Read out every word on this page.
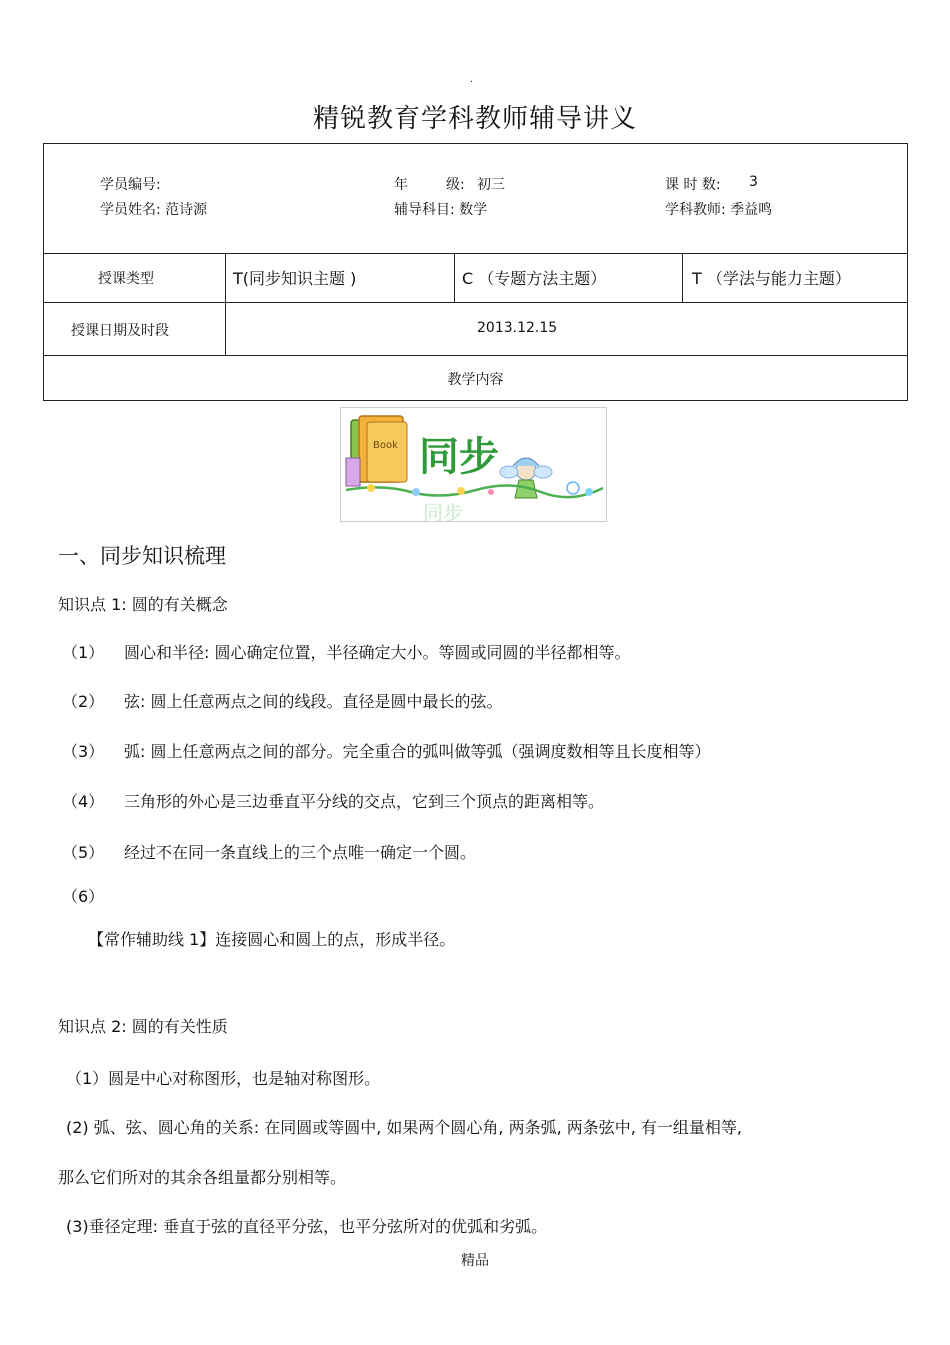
.
精锐教育学科教师辅导讲义
学员编号:	年	级: 初三	课 时 数: 3
学员姓名: 范诗源	辅导科目: 数学	学科教师: 季益鸣
授课类型	T(同步知识主题 )	C （专题方法主题）	T （学法与能力主题）
授课日期及时段	2013.12.15
教学内容
Book 同步
同步
一、同步知识梳理
知识点 1: 圆的有关概念
（1） 圆心和半径: 圆心确定位置，半径确定大小。等圆或同圆的半径都相等。
（2） 弦: 圆上任意两点之间的线段。直径是圆中最长的弦。
（3） 弧: 圆上任意两点之间的部分。完全重合的弧叫做等弧（强调度数相等且长度相等）
（4） 三角形的外心是三边垂直平分线的交点，它到三个顶点的距离相等。
（5） 经过不在同一条直线上的三个点唯一确定一个圆。
（6）
【常作辅助线 1】连接圆心和圆上的点，形成半径。
知识点 2: 圆的有关性质
（1）圆是中心对称图形，也是轴对称图形。
(2) 弧、弦、圆心角的关系: 在同圆或等圆中, 如果两个圆心角, 两条弧, 两条弦中, 有一组量相等,
那么它们所对的其余各组量都分别相等。
(3)垂径定理: 垂直于弦的直径平分弦，也平分弦所对的优弧和劣弧。
精品
